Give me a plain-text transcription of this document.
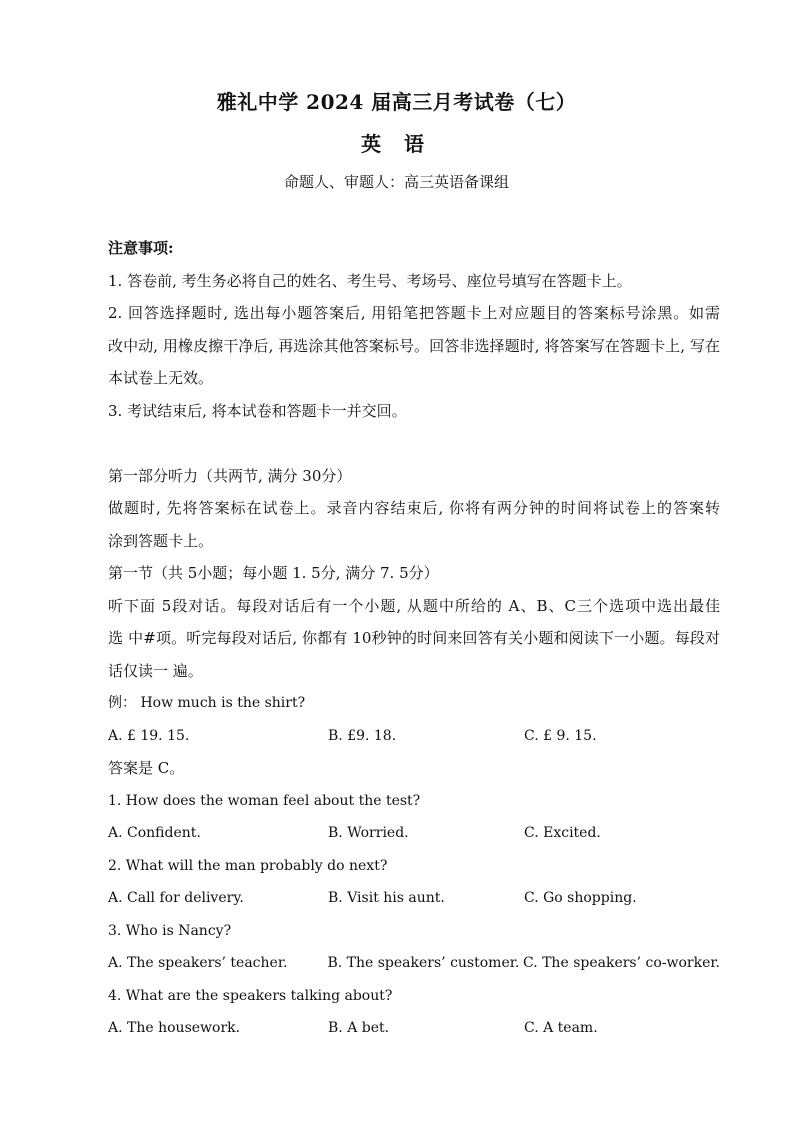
雅礼中学 2024 届高三月考试卷（七）
英 语
命题人、审题人：高三英语备课组
注意事项:
1. 答卷前, 考生务必将自己的姓名、考生号、考场号、座位号填写在答题卡上。
2. 回答选择题时, 选出每小题答案后, 用铅笔把答题卡上对应题目的答案标号涂黑。如需
改中动, 用橡皮擦干净后, 再选涂其他答案标号。回答非选择题时, 将答案写在答题卡上, 写在
本试卷上无效。
3. 考试结束后, 将本试卷和答题卡一并交回。
第一部分听力（共两节, 满分 30分）
做题时, 先将答案标在试卷上。录音内容结束后, 你将有两分钟的时间将试卷上的答案转
涂到答题卡上。
第一节（共 5小题；每小题 1. 5分, 满分 7. 5分）
听下面 5段对话。每段对话后有一个小题, 从题中所给的 A、B、C三个选项中选出最佳
选 中#项。听完每段对话后, 你都有 10秒钟的时间来回答有关小题和阅读下一小题。每段对
话仅读一 遍。
例： How much is the shirt?
A. £ 19. 15.	B. £9. 18.	C. £ 9. 15.
答案是 C。
1. How does the woman feel about the test?
A. Confident.	B. Worried.	C. Excited.
2. What will the man probably do next?
A. Call for delivery.	B. Visit his aunt.	C. Go shopping.
3. Who is Nancy?
A. The speakers’ teacher.	B. The speakers’ customer. C. The speakers’ co-worker.
4. What are the speakers talking about?
A. The housework.	B. A bet.	C. A team.
